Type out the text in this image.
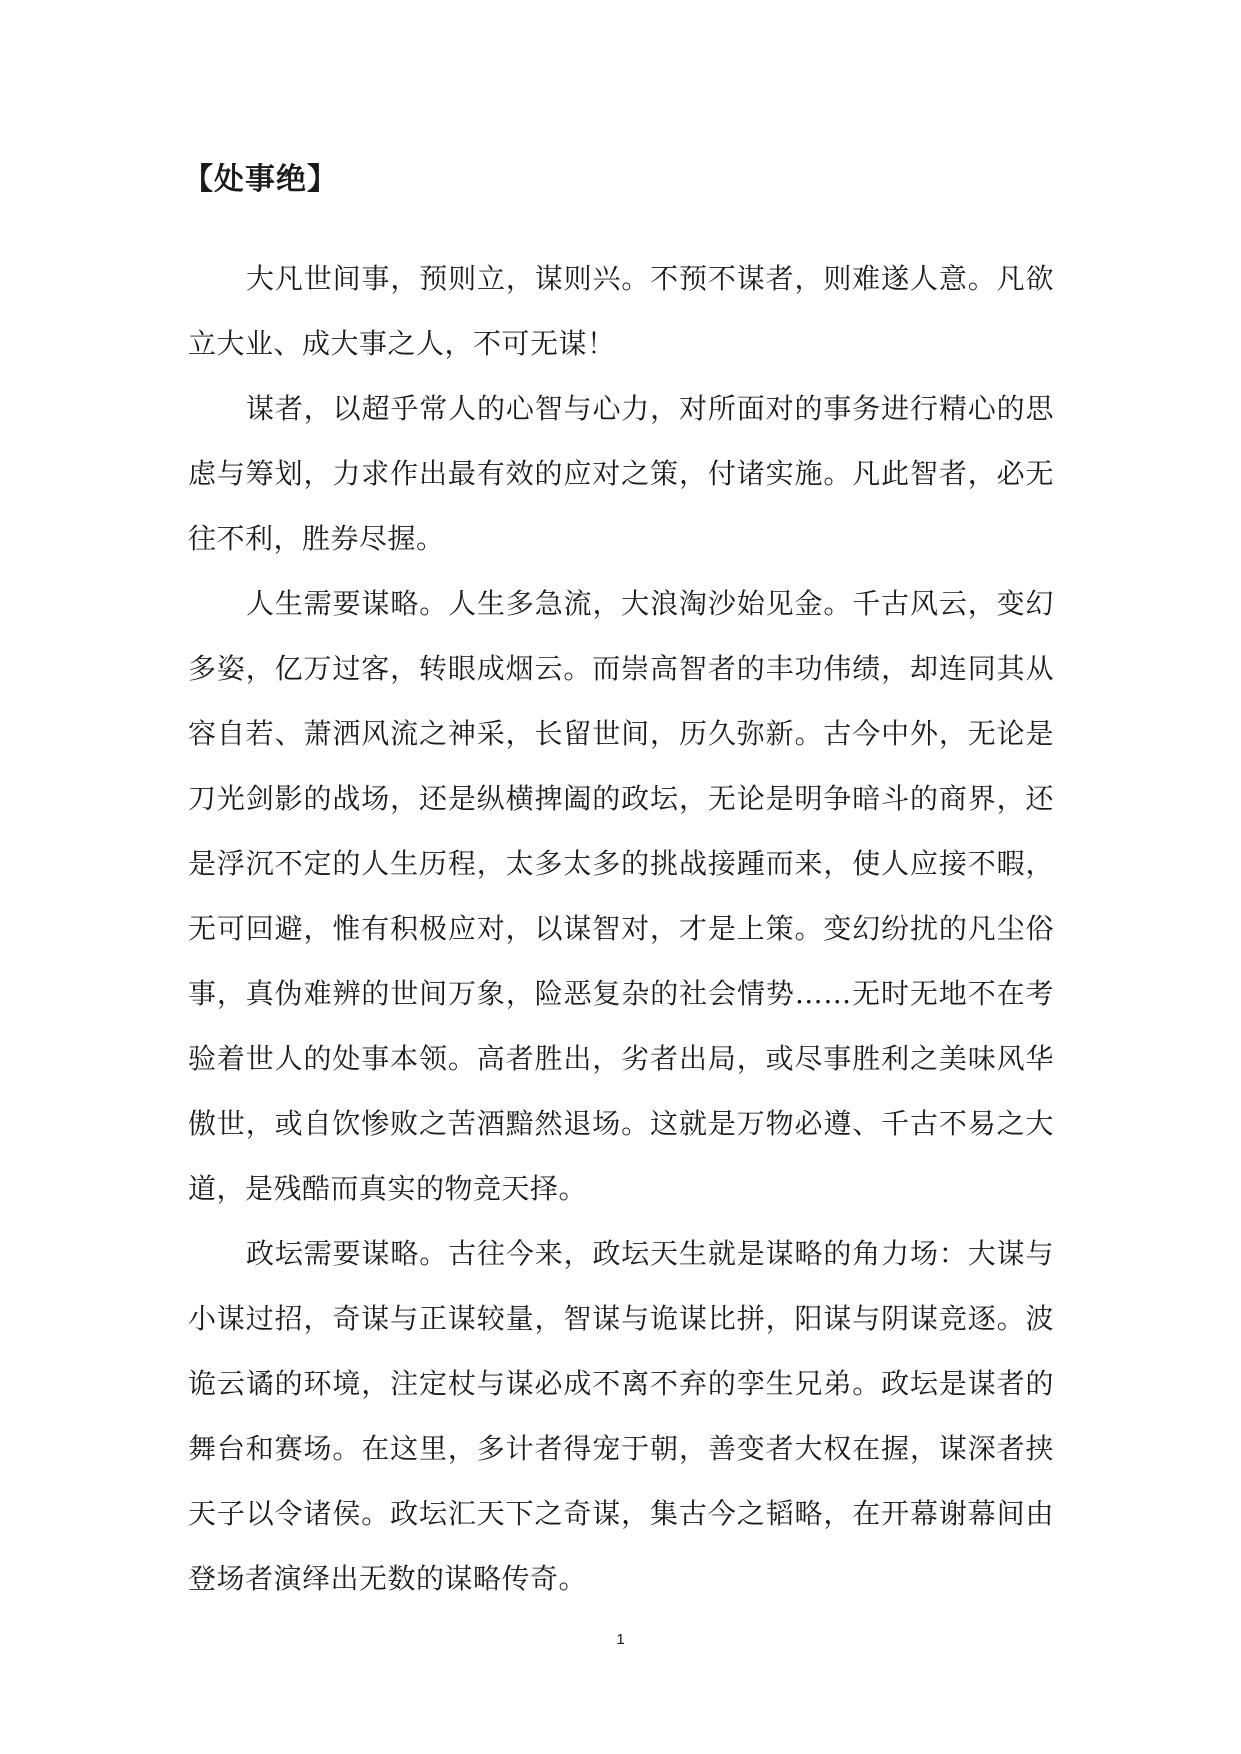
【处事绝】

大凡世间事，预则立，谋则兴。不预不谋者，则难遂人意。凡欲立大业、成大事之人，不可无谋！

谋者，以超乎常人的心智与心力，对所面对的事务进行精心的思虑与筹划，力求作出最有效的应对之策，付诸实施。凡此智者，必无往不利，胜券尽握。

人生需要谋略。人生多急流，大浪淘沙始见金。千古风云，变幻多姿，亿万过客，转眼成烟云。而崇高智者的丰功伟绩，却连同其从容自若、萧洒风流之神采，长留世间，历久弥新。古今中外，无论是刀光剑影的战场，还是纵横捭阖的政坛，无论是明争暗斗的商界，还是浮沉不定的人生历程，太多太多的挑战接踵而来，使人应接不暇，无可回避，惟有积极应对，以谋智对，才是上策。变幻纷扰的凡尘俗事，真伪难辨的世间万象，险恶复杂的社会情势……无时无地不在考验着世人的处事本领。高者胜出，劣者出局，或尽事胜利之美味风华傲世，或自饮惨败之苦酒黯然退场。这就是万物必遵、千古不易之大道，是残酷而真实的物竞天择。

政坛需要谋略。古往今来，政坛天生就是谋略的角力场：大谋与小谋过招，奇谋与正谋较量，智谋与诡谋比拼，阳谋与阴谋竞逐。波诡云谲的环境，注定杖与谋必成不离不弃的孪生兄弟。政坛是谋者的舞台和赛场。在这里，多计者得宠于朝，善变者大权在握，谋深者挟天子以令诸侯。政坛汇天下之奇谋，集古今之韬略，在开幕谢幕间由登场者演绎出无数的谋略传奇。

1
